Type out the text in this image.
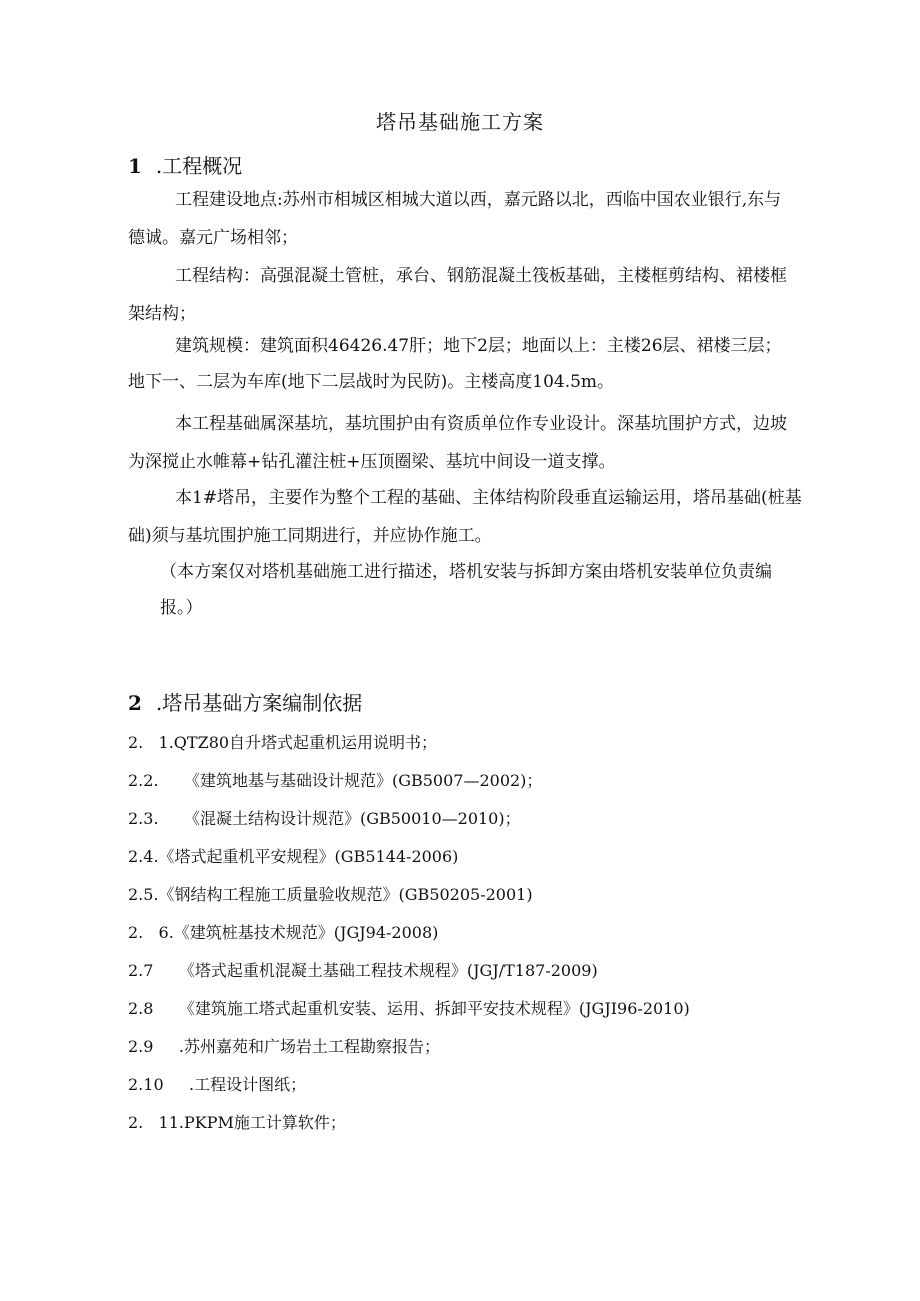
塔吊基础施工方案
1 .工程概况
工程建设地点:苏州市相城区相城大道以西，嘉元路以北，西临中国农业银行,东与
德诚。嘉元广场相邻；
工程结构：高强混凝土管桩，承台、钢筋混凝土筏板基础，主楼框剪结构、裙楼框
架结构；
建筑规模：建筑面积46426.47肝；地下2层；地面以上：主楼26层、裙楼三层；
地下一、二层为车库(地下二层战时为民防)。主楼高度104.5m。
本工程基础属深基坑，基坑围护由有资质单位作专业设计。深基坑围护方式，边坡
为深搅止水帷幕+钻孔灌注桩+压顶圈梁、基坑中间设一道支撑。
本1#塔吊，主要作为整个工程的基础、主体结构阶段垂直运输运用，塔吊基础(桩基
础)须与基坑围护施工同期进行，并应协作施工。
（本方案仅对塔机基础施工进行描述，塔机安装与拆卸方案由塔机安装单位负责编
报。）
2 .塔吊基础方案编制依据
2.   1.QTZ80自升塔式起重机运用说明书；
2.2.     《建筑地基与基础设计规范》(GB5007—2002)；
2.3.     《混凝土结构设计规范》(GB50010—2010)；
2.4.《塔式起重机平安规程》(GB5144-2006)
2.5.《钢结构工程施工质量验收规范》(GB50205-2001)
2.   6.《建筑桩基技术规范》(JGJ94-2008)
2.7     《塔式起重机混凝土基础工程技术规程》(JGJ/T187-2009)
2.8     《建筑施工塔式起重机安装、运用、拆卸平安技术规程》(JGJI96-2010)
2.9     .苏州嘉苑和广场岩土工程勘察报告；
2.10     .工程设计图纸；
2.   11.PKPM施工计算软件；
